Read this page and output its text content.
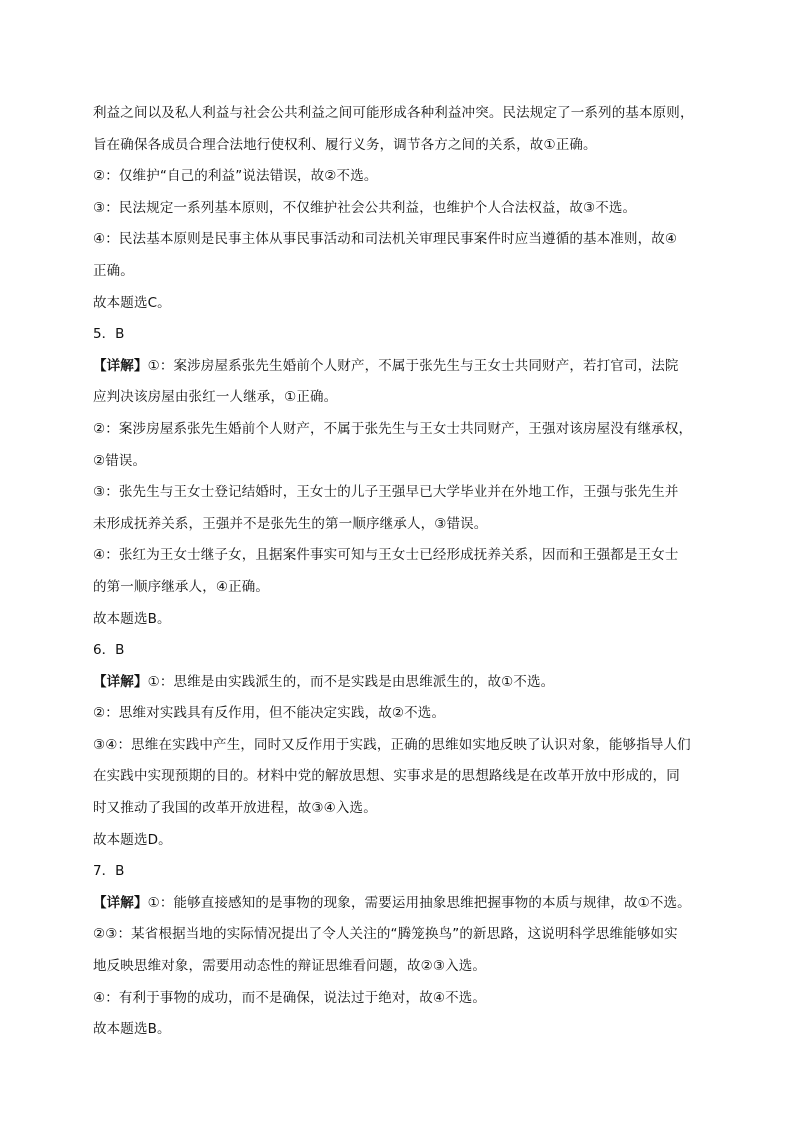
利益之间以及私人利益与社会公共利益之间可能形成各种利益冲突。民法规定了一系列的基本原则，
旨在确保各成员合理合法地行使权利、履行义务，调节各方之间的关系，故①正确。
②：仅维护“自己的利益”说法错误，故②不选。
③：民法规定一系列基本原则，不仅维护社会公共利益，也维护个人合法权益，故③不选。
④：民法基本原则是民事主体从事民事活动和司法机关审理民事案件时应当遵循的基本准则，故④
正确。
故本题选C。
5．B
【详解】①：案涉房屋系张先生婚前个人财产，不属于张先生与王女士共同财产，若打官司，法院
应判决该房屋由张红一人继承，①正确。
②：案涉房屋系张先生婚前个人财产，不属于张先生与王女士共同财产，王强对该房屋没有继承权，
②错误。
③：张先生与王女士登记结婚时，王女士的儿子王强早已大学毕业并在外地工作，王强与张先生并
未形成抚养关系，王强并不是张先生的第一顺序继承人，③错误。
④：张红为王女士继子女，且据案件事实可知与王女士已经形成抚养关系，因而和王强都是王女士
的第一顺序继承人，④正确。
故本题选B。
6．B
【详解】①：思维是由实践派生的，而不是实践是由思维派生的，故①不选。
②：思维对实践具有反作用，但不能决定实践，故②不选。
③④：思维在实践中产生，同时又反作用于实践，正确的思维如实地反映了认识对象，能够指导人们
在实践中实现预期的目的。材料中党的解放思想、实事求是的思想路线是在改革开放中形成的，同
时又推动了我国的改革开放进程，故③④入选。
故本题选D。
7．B
【详解】①：能够直接感知的是事物的现象，需要运用抽象思维把握事物的本质与规律，故①不选。
②③：某省根据当地的实际情况提出了令人关注的“腾笼换鸟”的新思路，这说明科学思维能够如实
地反映思维对象，需要用动态性的辩证思维看问题，故②③入选。
④：有利于事物的成功，而不是确保，说法过于绝对，故④不选。
故本题选B。
